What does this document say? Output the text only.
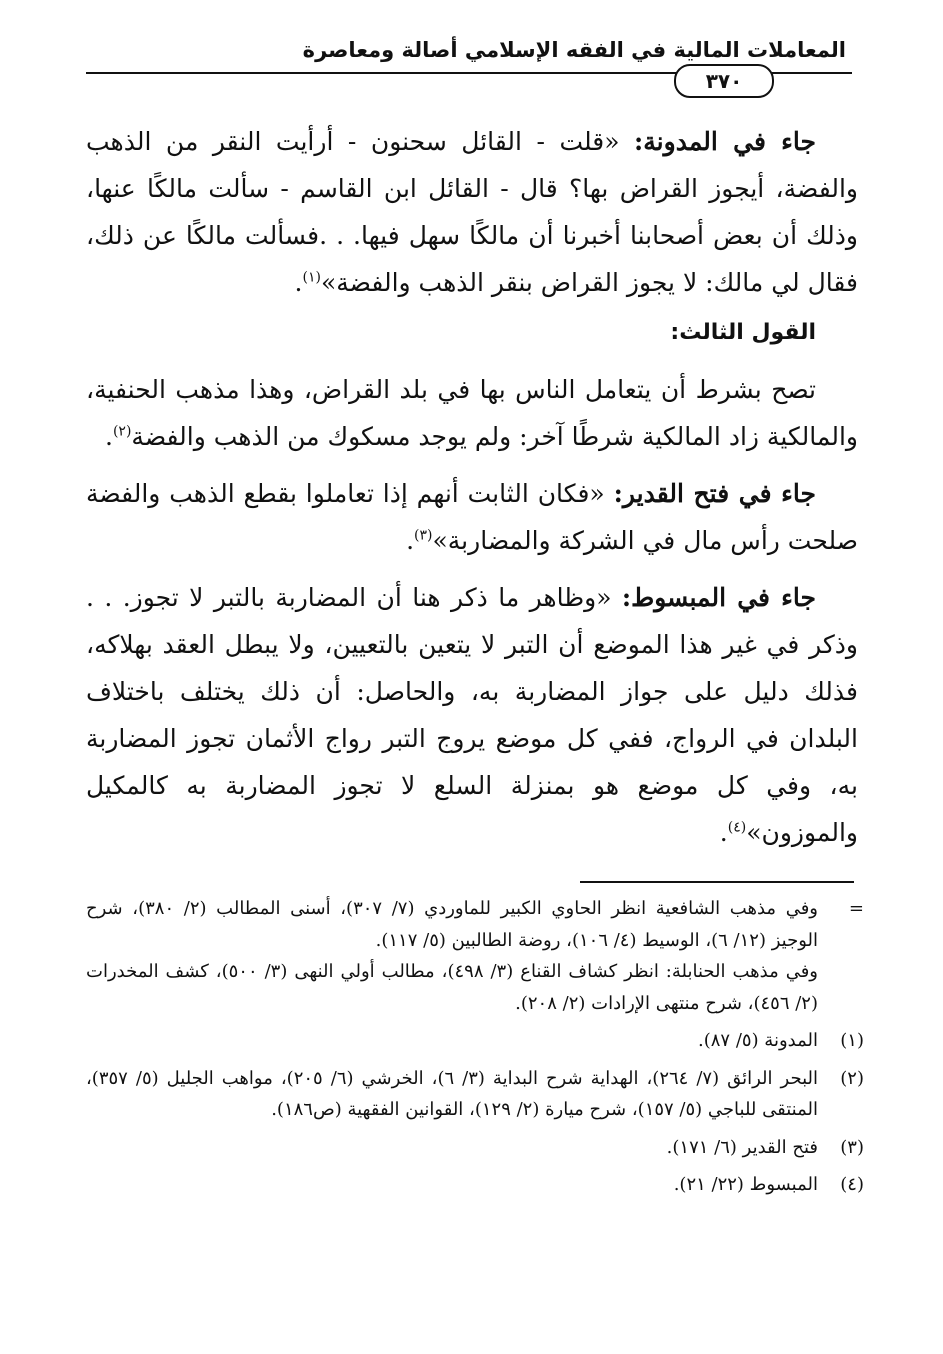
المعاملات المالية في الفقه الإسلامي أصالة ومعاصرة
٣٧٠

جاء في المدونة: «قلت - القائل سحنون - أرأيت النقر من الذهب والفضة، أيجوز القراض بها؟ قال - القائل ابن القاسم - سألت مالكًا عنها، وذلك أن بعض أصحابنا أخبرنا أن مالكًا سهل فيها. . .فسألت مالكًا عن ذلك، فقال لي مالك: لا يجوز القراض بنقر الذهب والفضة»$^{(١)}$.

القول الثالث:

تصح بشرط أن يتعامل الناس بها في بلد القراض، وهذا مذهب الحنفية، والمالكية زاد المالكية شرطًا آخر: ولم يوجد مسكوك من الذهب والفضة$^{(٢)}$.

جاء في فتح القدير: «فكان الثابت أنهم إذا تعاملوا بقطع الذهب والفضة صلحت رأس مال في الشركة والمضاربة»$^{(٣)}$.

جاء في المبسوط: «وظاهر ما ذكر هنا أن المضاربة بالتبر لا تجوز. . . وذكر في غير هذا الموضع أن التبر لا يتعين بالتعيين، ولا يبطل العقد بهلاكه، فذلك دليل على جواز المضاربة به، والحاصل: أن ذلك يختلف باختلاف البلدان في الرواج، ففي كل موضع يروج التبر رواج الأثمان تجوز المضاربة به، وفي كل موضع هو بمنزلة السلع لا تجوز المضاربة به كالمكيل والموزون»$^{(٤)}$.

=

وفي مذهب الشافعية انظر الحاوي الكبير للماوردي (٧/ ٣٠٧)، أسنى المطالب (٢/ ٣٨٠)، شرح الوجيز (١٢/ ٦)، الوسيط (٤/ ١٠٦)، روضة الطالبين (٥/ ١١٧).

وفي مذهب الحنابلة: انظر كشاف القناع (٣/ ٤٩٨)، مطالب أولي النهى (٣/ ٥٠٠)، كشف المخدرات (٢/ ٤٥٦)، شرح منتهى الإرادات (٢/ ٢٠٨).

(١)
المدونة (٥/ ٨٧).
(٢)
البحر الرائق (٧/ ٢٦٤)، الهداية شرح البداية (٣/ ٦)، الخرشي (٦/ ٢٠٥)، مواهب الجليل (٥/ ٣٥٧)، المنتقى للباجي (٥/ ١٥٧)، شرح ميارة (٢/ ١٢٩)، القوانين الفقهية (ص١٨٦).
(٣)
فتح القدير (٦/ ١٧١).
(٤)
المبسوط (٢٢/ ٢١).
